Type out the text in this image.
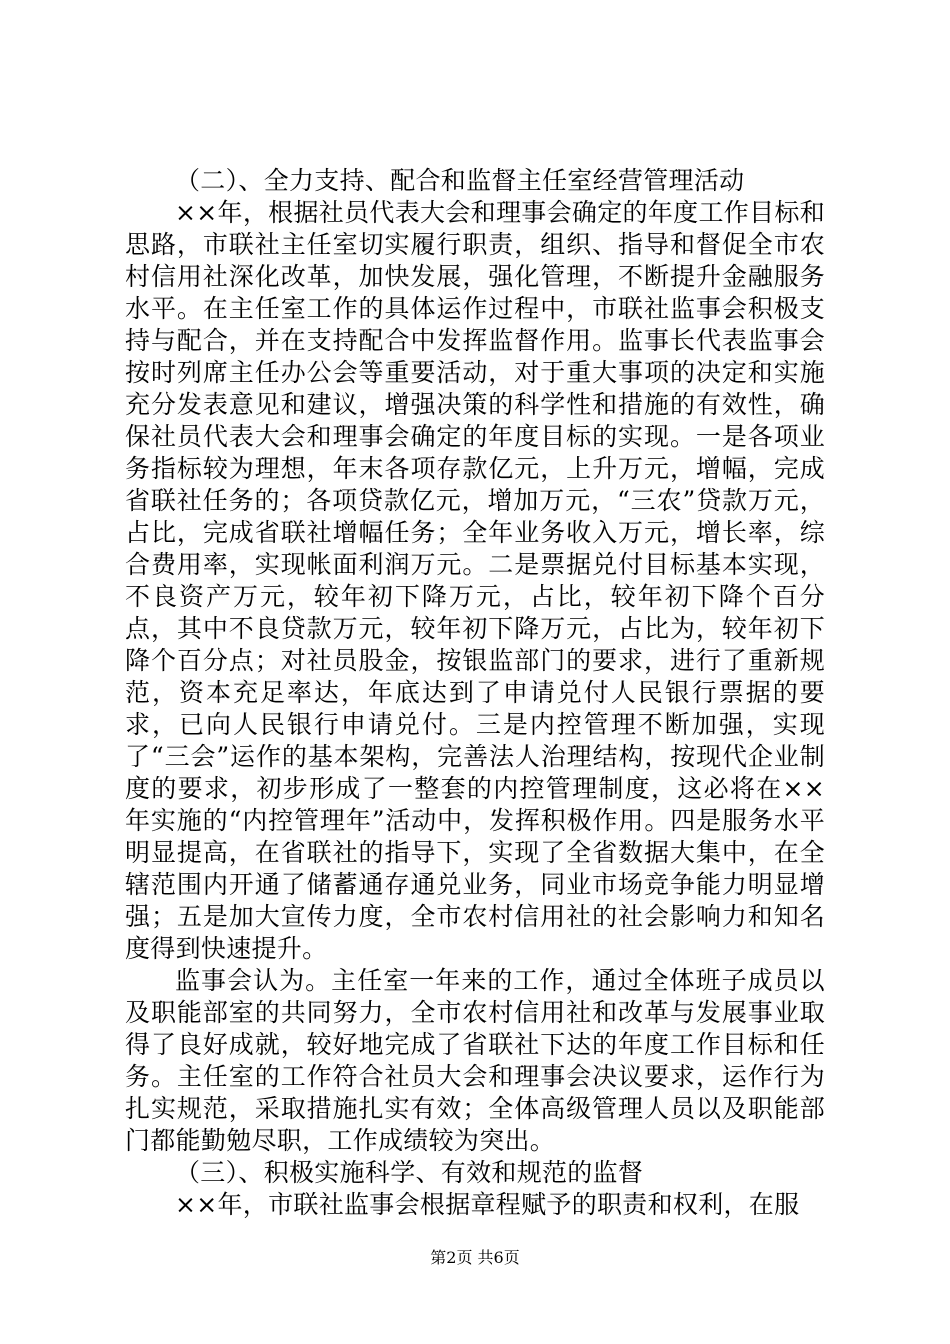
（二）、全力支持、配合和监督主任室经营管理活动

××年，根据社员代表大会和理事会确定的年度工作目标和思路，市联社主任室切实履行职责，组织、指导和督促全市农村信用社深化改革，加快发展，强化管理，不断提升金融服务水平。在主任室工作的具体运作过程中，市联社监事会积极支持与配合，并在支持配合中发挥监督作用。监事长代表监事会按时列席主任办公会等重要活动，对于重大事项的决定和实施充分发表意见和建议，增强决策的科学性和措施的有效性，确保社员代表大会和理事会确定的年度目标的实现。一是各项业务指标较为理想，年末各项存款亿元，上升万元，增幅，完成省联社任务的；各项贷款亿元，增加万元，“三农”贷款万元，占比，完成省联社增幅任务；全年业务收入万元，增长率，综合费用率，实现帐面利润万元。二是票据兑付目标基本实现，不良资产万元，较年初下降万元，占比，较年初下降个百分点，其中不良贷款万元，较年初下降万元，占比为，较年初下降个百分点；对社员股金，按银监部门的要求，进行了重新规范，资本充足率达，年底达到了申请兑付人民银行票据的要求，已向人民银行申请兑付。三是内控管理不断加强，实现了“三会”运作的基本架构，完善法人治理结构，按现代企业制度的要求，初步形成了一整套的内控管理制度，这必将在××年实施的“内控管理年”活动中，发挥积极作用。四是服务水平明显提高，在省联社的指导下，实现了全省数据大集中，在全辖范围内开通了储蓄通存通兑业务，同业市场竞争能力明显增强；五是加大宣传力度，全市农村信用社的社会影响力和知名度得到快速提升。

监事会认为。主任室一年来的工作，通过全体班子成员以及职能部室的共同努力，全市农村信用社和改革与发展事业取得了良好成就，较好地完成了省联社下达的年度工作目标和任务。主任室的工作符合社员大会和理事会决议要求，运作行为扎实规范，采取措施扎实有效；全体高级管理人员以及职能部门都能勤勉尽职，工作成绩较为突出。

（三）、积极实施科学、有效和规范的监督

××年，市联社监事会根据章程赋予的职责和权利，在服

第2页 共6页
